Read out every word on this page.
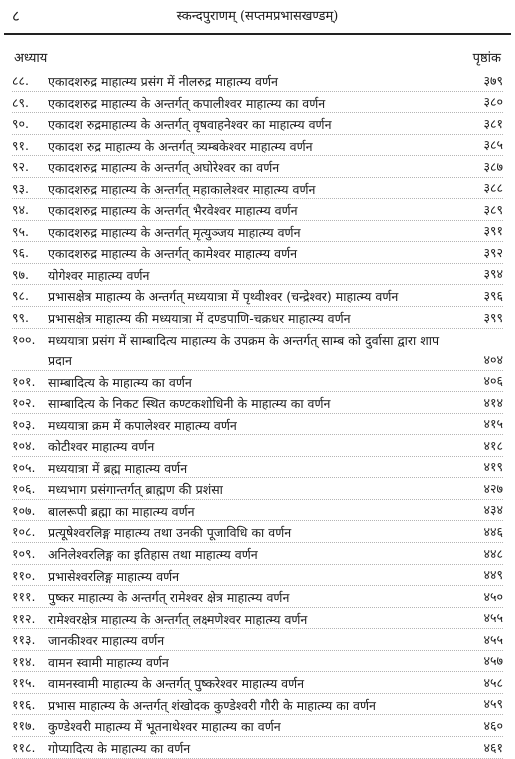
८	स्कन्दपुराणम् (सप्तमप्रभासखण्डम्)
अध्याय	पृष्ठांक
८८. एकादशरुद्र माहात्म्य प्रसंग में नीलरुद्र माहात्म्य वर्णन	३७९
८९. एकादशरुद्र माहात्म्य के अन्तर्गत् कपालीश्वर माहात्म्य का वर्णन	३८०
९०. एकादश रुद्रमाहात्म्य के अन्तर्गत् वृषवाहनेश्वर का माहात्म्य वर्णन	३८१
९१. एकादश रुद्र माहात्म्य के अन्तर्गत् त्र्यम्बकेश्वर माहात्म्य वर्णन	३८५
९२. एकादशरुद्र माहात्म्य के अन्तर्गत् अघोरेश्वर का वर्णन	३८७
९३. एकादशरुद्र माहात्म्य के अन्तर्गत् महाकालेश्वर माहात्म्य वर्णन	३८८
९४. एकादशरुद्र माहात्म्य के अन्तर्गत् भैरवेश्वर माहात्म्य वर्णन	३८९
९५. एकादशरुद्र माहात्म्य के अन्तर्गत् मृत्युञ्जय माहात्म्य वर्णन	३९१
९६. एकादशरुद्र माहात्म्य के अन्तर्गत् कामेश्वर माहात्म्य वर्णन	३९२
९७. योगेश्वर माहात्म्य वर्णन	३९४
९८. प्रभासक्षेत्र माहात्म्य के अन्तर्गत् मध्ययात्रा में पृथ्वीश्वर (चन्द्रेश्वर) माहात्म्य वर्णन	३९६
९९. प्रभासक्षेत्र माहात्म्य की मध्ययात्रा में दण्डपाणि-चक्रधर माहात्म्य वर्णन	३९९
१००. मध्ययात्रा प्रसंग में साम्बादित्य माहात्म्य के उपक्रम के अन्तर्गत् साम्ब को दुर्वासा द्वारा शाप प्रदान	४०४
१०१. साम्बादित्य के माहात्म्य का वर्णन	४०६
१०२. साम्बादित्य के निकट स्थित कण्टकशोधिनी के माहात्म्य का वर्णन	४१४
१०३. मध्ययात्रा क्रम में कपालेश्वर माहात्म्य वर्णन	४१५
१०४. कोटीश्वर माहात्म्य वर्णन	४१८
१०५. मध्ययात्रा में ब्रह्म माहात्म्य वर्णन	४१९
१०६. मध्यभाग प्रसंगान्तर्गत् ब्राह्मण की प्रशंसा	४२७
१०७. बालरूपी ब्रह्मा का माहात्म्य वर्णन	४३४
१०८. प्रत्यूषेश्वरलिङ्ग माहात्म्य तथा उनकी पूजाविधि का वर्णन	४४६
१०९. अनिलेश्वरलिङ्ग का इतिहास तथा माहात्म्य वर्णन	४४८
११०. प्रभासेश्वरलिङ्ग माहात्म्य वर्णन	४४९
१११. पुष्कर माहात्म्य के अन्तर्गत् रामेश्वर क्षेत्र माहात्म्य वर्णन	४५०
११२. रामेश्वरक्षेत्र माहात्म्य के अन्तर्गत् लक्ष्मणेश्वर माहात्म्य वर्णन	४५५
११३. जानकीश्वर माहात्म्य वर्णन	४५५
११४. वामन स्वामी माहात्म्य वर्णन	४५७
११५. वामनस्वामी माहात्म्य के अन्तर्गत् पुष्करेश्वर माहात्म्य वर्णन	४५८
११६. प्रभास माहात्म्य के अन्तर्गत् शंखोदक कुण्डेश्वरी गौरी के माहात्म्य का वर्णन	४५९
११७. कुण्डेश्वरी माहात्म्य में भूतनाथेश्वर माहात्म्य का वर्णन	४६०
११८. गोप्यादित्य के माहात्म्य का वर्णन	४६१
